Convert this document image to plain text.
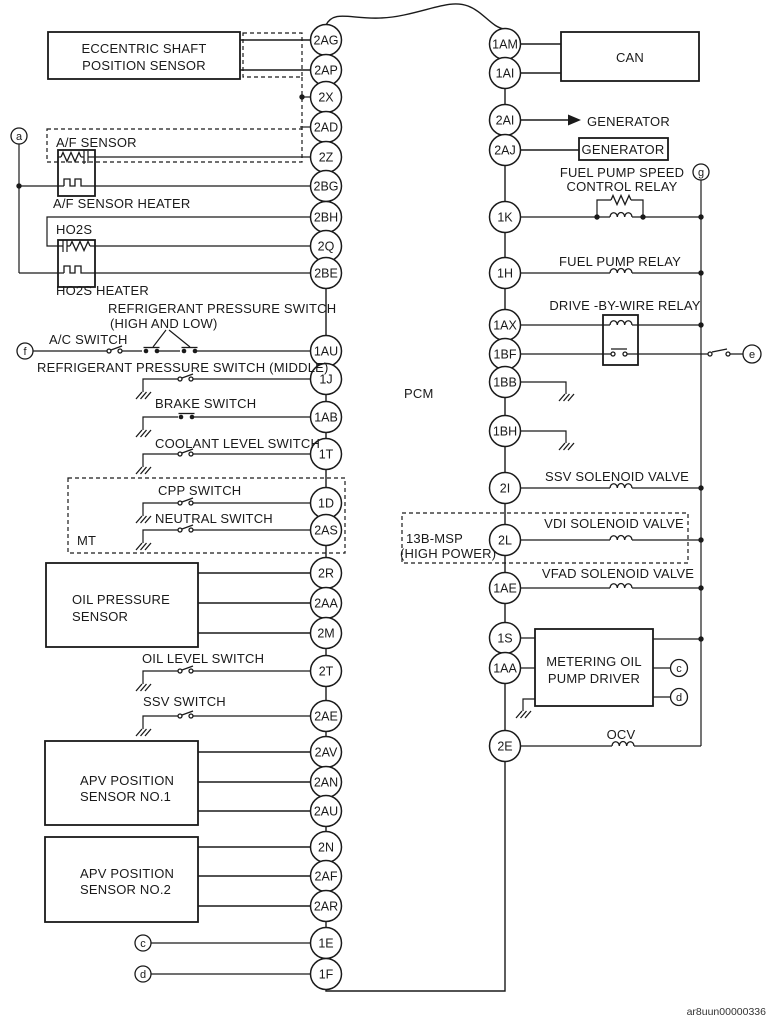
2AG
2AP
2X
2AD
2Z
2BG
2BH
2Q
2BE
1AU
1J
1AB
1T
1D
2AS
2R
2AA
2M
2T
2AE
2AV
2AN
2AU
2N
2AF
2AR
1E
1F
1AM
1AI
2AI
2AJ
1K
1H
1AX
1BF
1BB
1BH
2I
2L
1AE
1S
1AA
2E
a
f
c
d
g
e
c
d
ECCENTRIC SHAFT
POSITION SENSOR
A/F SENSOR
A/F SENSOR HEATER
HO2S
HO2S HEATER
REFRIGERANT PRESSURE SWITCH
(HIGH AND LOW)
A/C SWITCH
REFRIGERANT PRESSURE SWITCH (MIDDLE)
BRAKE SWITCH
COOLANT LEVEL SWITCH
CPP SWITCH
NEUTRAL SWITCH
MT
OIL PRESSURE
SENSOR
OIL LEVEL SWITCH
SSV SWITCH
APV POSITION
SENSOR NO.1
APV POSITION
SENSOR NO.2
CAN
GENERATOR
GENERATOR
FUEL PUMP SPEED
CONTROL RELAY
FUEL PUMP RELAY
DRIVE -BY-WIRE RELAY
PCM
SSV SOLENOID VALVE
13B-MSP
(HIGH POWER)
VDI SOLENOID VALVE
VFAD SOLENOID VALVE
METERING OIL
PUMP DRIVER
OCV
ar8uun00000336
